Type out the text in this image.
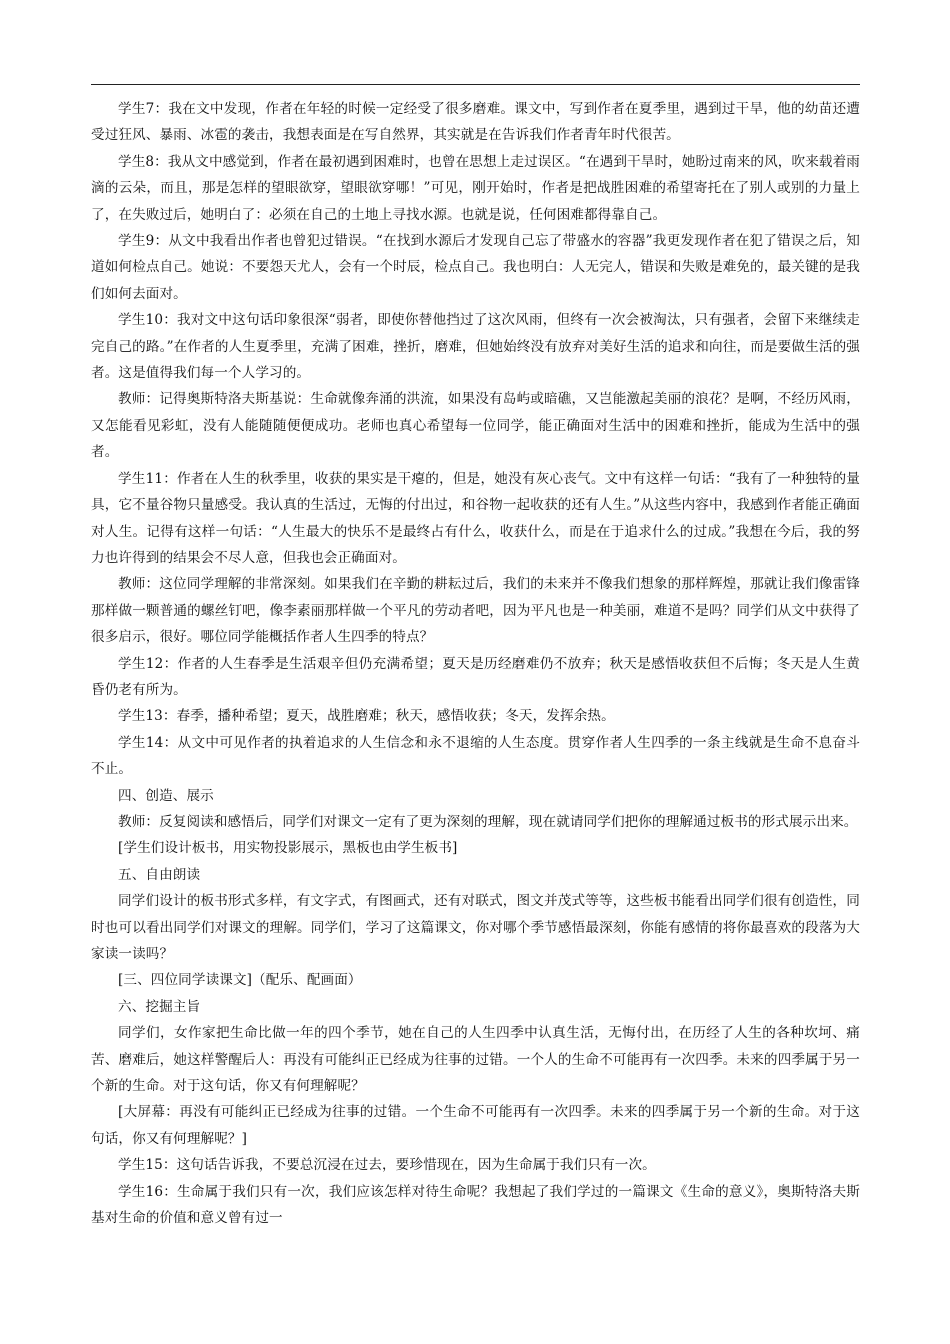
学生7：我在文中发现，作者在年轻的时候一定经受了很多磨难。课文中，写到作者在夏季里，遇到过干旱，他的幼苗还遭受过狂风、暴雨、冰雹的袭击，我想表面是在写自然界，其实就是在告诉我们作者青年时代很苦。

学生8：我从文中感觉到，作者在最初遇到困难时，也曾在思想上走过误区。“在遇到干旱时，她盼过南来的风，吹来载着雨滴的云朵，而且，那是怎样的望眼欲穿，望眼欲穿哪！”可见，刚开始时，作者是把战胜困难的希望寄托在了别人或别的力量上了，在失败过后，她明白了：必须在自己的土地上寻找水源。也就是说，任何困难都得靠自己。

学生9：从文中我看出作者也曾犯过错误。“在找到水源后才发现自己忘了带盛水的容器”我更发现作者在犯了错误之后，知道如何检点自己。她说：不要怨天尤人，会有一个时辰，检点自己。我也明白：人无完人，错误和失败是难免的，最关键的是我们如何去面对。

学生10：我对文中这句话印象很深“弱者，即使你替他挡过了这次风雨，但终有一次会被淘汰，只有强者，会留下来继续走完自己的路。”在作者的人生夏季里，充满了困难，挫折，磨难，但她始终没有放弃对美好生活的追求和向往，而是要做生活的强者。这是值得我们每一个人学习的。

教师：记得奥斯特洛夫斯基说：生命就像奔涌的洪流，如果没有岛屿或暗礁，又岂能激起美丽的浪花？是啊，不经历风雨，又怎能看见彩虹，没有人能随随便便成功。老师也真心希望每一位同学，能正确面对生活中的困难和挫折，能成为生活中的强者。

学生11：作者在人生的秋季里，收获的果实是干瘪的，但是，她没有灰心丧气。文中有这样一句话：“我有了一种独特的量具，它不量谷物只量感受。我认真的生活过，无悔的付出过，和谷物一起收获的还有人生。”从这些内容中，我感到作者能正确面对人生。记得有这样一句话：“人生最大的快乐不是最终占有什么，收获什么，而是在于追求什么的过成。”我想在今后，我的努力也许得到的结果会不尽人意，但我也会正确面对。

教师：这位同学理解的非常深刻。如果我们在辛勤的耕耘过后，我们的未来并不像我们想象的那样辉煌，那就让我们像雷锋那样做一颗普通的螺丝钉吧，像李素丽那样做一个平凡的劳动者吧，因为平凡也是一种美丽，难道不是吗？同学们从文中获得了很多启示，很好。哪位同学能概括作者人生四季的特点？

学生12：作者的人生春季是生活艰辛但仍充满希望；夏天是历经磨难仍不放弃；秋天是感悟收获但不后悔；冬天是人生黄昏仍老有所为。

学生13：春季，播种希望；夏天，战胜磨难；秋天，感悟收获；冬天，发挥余热。

学生14：从文中可见作者的执着追求的人生信念和永不退缩的人生态度。贯穿作者人生四季的一条主线就是生命不息奋斗不止。

四、创造、展示

教师：反复阅读和感悟后，同学们对课文一定有了更为深刻的理解，现在就请同学们把你的理解通过板书的形式展示出来。

[学生们设计板书，用实物投影展示，黑板也由学生板书]

五、自由朗读

同学们设计的板书形式多样，有文字式，有图画式，还有对联式，图文并茂式等等，这些板书能看出同学们很有创造性，同时也可以看出同学们对课文的理解。同学们，学习了这篇课文，你对哪个季节感悟最深刻，你能有感情的将你最喜欢的段落为大家读一读吗？

[三、四位同学读课文]（配乐、配画面）

六、挖掘主旨

同学们，女作家把生命比做一年的四个季节，她在自己的人生四季中认真生活，无悔付出，在历经了人生的各种坎坷、痛苦、磨难后，她这样警醒后人：再没有可能纠正已经成为往事的过错。一个人的生命不可能再有一次四季。未来的四季属于另一个新的生命。对于这句话，你又有何理解呢？

[大屏幕：再没有可能纠正已经成为往事的过错。一个生命不可能再有一次四季。未来的四季属于另一个新的生命。对于这句话，你又有何理解呢？]

学生15：这句话告诉我，不要总沉浸在过去，要珍惜现在，因为生命属于我们只有一次。

学生16：生命属于我们只有一次，我们应该怎样对待生命呢？我想起了我们学过的一篇课文《生命的意义》，奥斯特洛夫斯基对生命的价值和意义曾有过一
